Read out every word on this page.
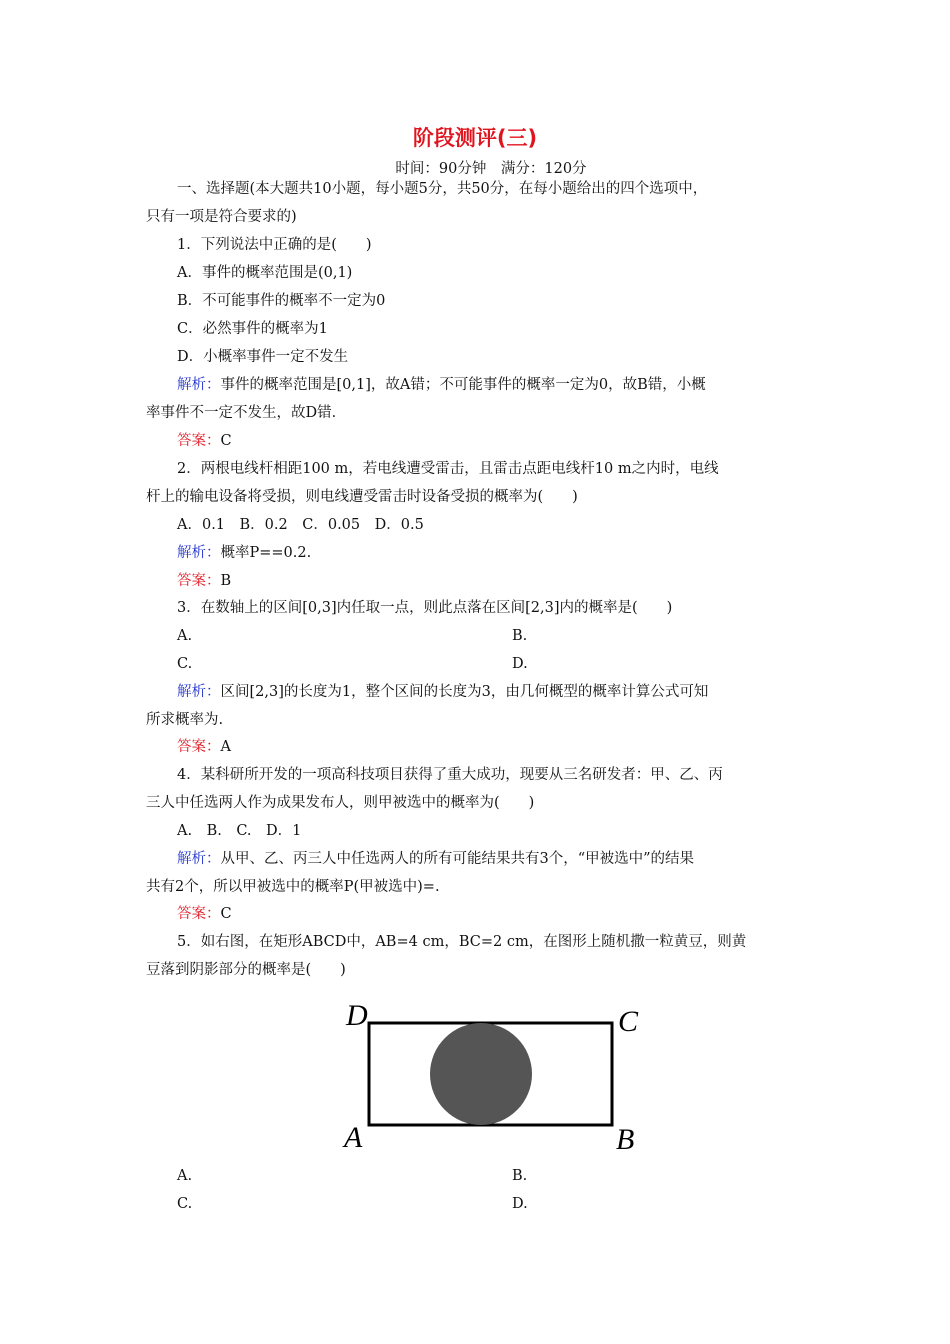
阶段测评(三)
时间：90分钟　满分：120分
一、选择题(本大题共10小题，每小题5分，共50分，在每小题给出的四个选项中，
只有一项是符合要求的)
1．下列说法中正确的是(　　)
A．事件的概率范围是(0,1)
B．不可能事件的概率不一定为0
C．必然事件的概率为1
D．小概率事件一定不发生
解析：事件的概率范围是[0,1]，故A错；不可能事件的概率一定为0，故B错，小概
率事件不一定不发生，故D错．
答案：C
2．两根电线杆相距100 m，若电线遭受雷击，且雷击点距电线杆10 m之内时，电线
杆上的输电设备将受损，则电线遭受雷击时设备受损的概率为(　　)
A．0.1　B．0.2　C．0.05　D．0.5
解析：概率P==0.2.
答案：B
3．在数轴上的区间[0,3]内任取一点，则此点落在区间[2,3]内的概率是(　　)
A.	B.
C.	D.
解析：区间[2,3]的长度为1，整个区间的长度为3，由几何概型的概率计算公式可知
所求概率为.
答案：A
4．某科研所开发的一项高科技项目获得了重大成功，现要从三名研发者：甲、乙、丙
三人中任选两人作为成果发布人，则甲被选中的概率为(　　)
A.　B.　C.　D．1
解析：从甲、乙、丙三人中任选两人的所有可能结果共有3个，“甲被选中”的结果
共有2个，所以甲被选中的概率P(甲被选中)=.
答案：C
5．如右图，在矩形ABCD中，AB=4 cm，BC=2 cm，在图形上随机撒一粒黄豆，则黄
豆落到阴影部分的概率是(　　)
D	C
A	B
A.	B.
C.	D.
